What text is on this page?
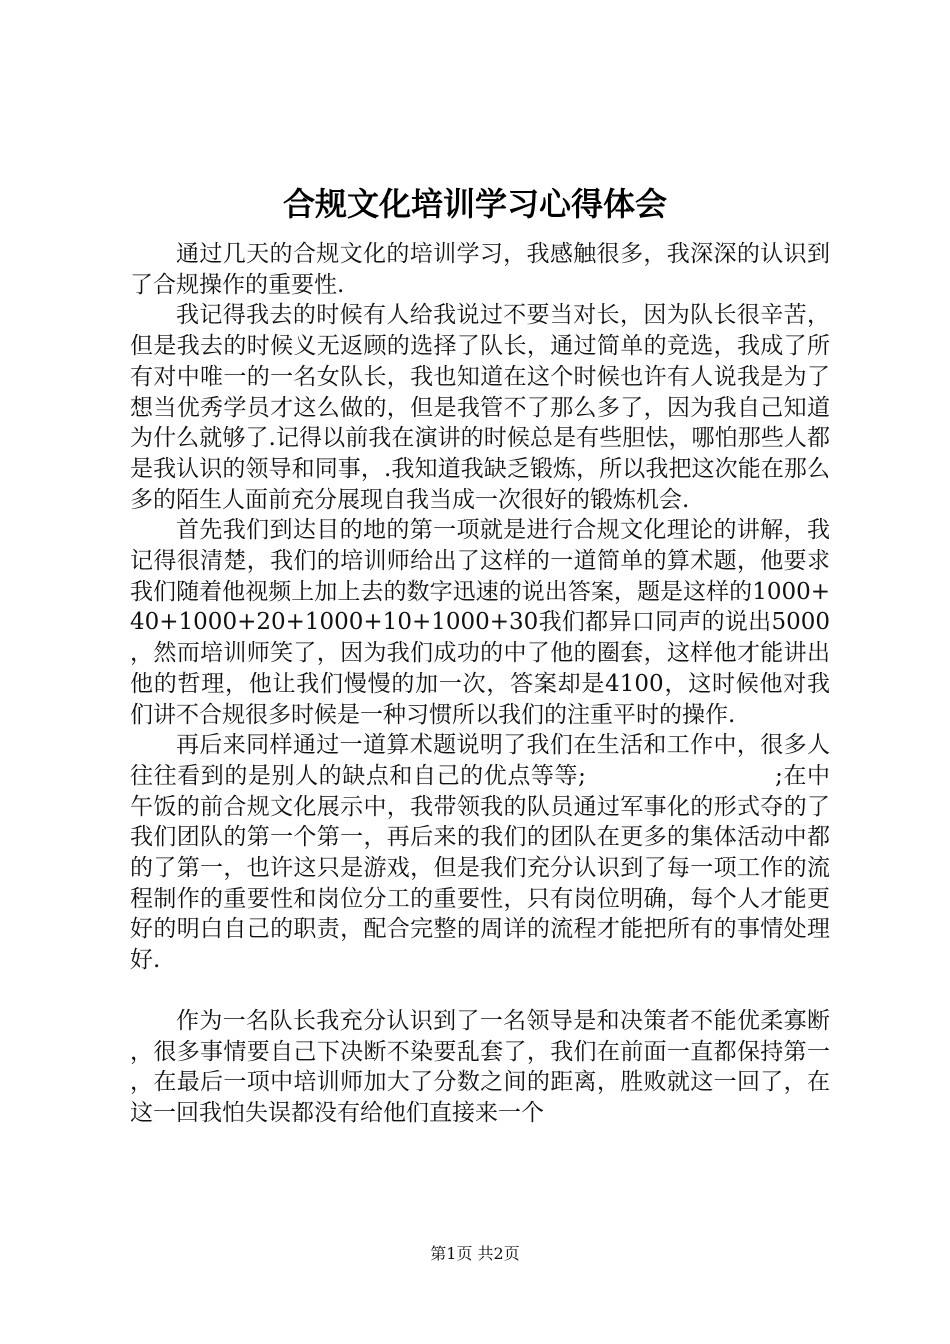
合规文化培训学习心得体会

通过几天的合规文化的培训学习，我感触很多，我深深的认识到了合规操作的重要性.

我记得我去的时候有人给我说过不要当对长，因为队长很辛苦，但是我去的时候义无返顾的选择了队长，通过简单的竞选，我成了所有对中唯一的一名女队长，我也知道在这个时候也许有人说我是为了想当优秀学员才这么做的，但是我管不了那么多了，因为我自己知道为什么就够了.记得以前我在演讲的时候总是有些胆怯，哪怕那些人都是我认识的领导和同事，.我知道我缺乏锻炼，所以我把这次能在那么多的陌生人面前充分展现自我当成一次很好的锻炼机会.

首先我们到达目的地的第一项就是进行合规文化理论的讲解，我记得很清楚，我们的培训师给出了这样的一道简单的算术题，他要求我们随着他视频上加上去的数字迅速的说出答案，题是这样的1000+40+1000+20+1000+10+1000+30我们都异口同声的说出5000，然而培训师笑了，因为我们成功的中了他的圈套，这样他才能讲出他的哲理，他让我们慢慢的加一次，答案却是4100，这时候他对我们讲不合规很多时候是一种习惯所以我们的注重平时的操作.

再后来同样通过一道算术题说明了我们在生活和工作中，很多人往往看到的是别人的缺点和自己的优点等等;　　　　　　　　;在中午饭的前合规文化展示中，我带领我的队员通过军事化的形式夺的了我们团队的第一个第一，再后来的我们的团队在更多的集体活动中都的了第一，也许这只是游戏，但是我们充分认识到了每一项工作的流程制作的重要性和岗位分工的重要性，只有岗位明确，每个人才能更好的明白自己的职责，配合完整的周详的流程才能把所有的事情处理好.

作为一名队长我充分认识到了一名领导是和决策者不能优柔寡断，很多事情要自己下决断不染要乱套了，我们在前面一直都保持第一，在最后一项中培训师加大了分数之间的距离，胜败就这一回了，在这一回我怕失误都没有给他们直接来一个

第1页 共2页
